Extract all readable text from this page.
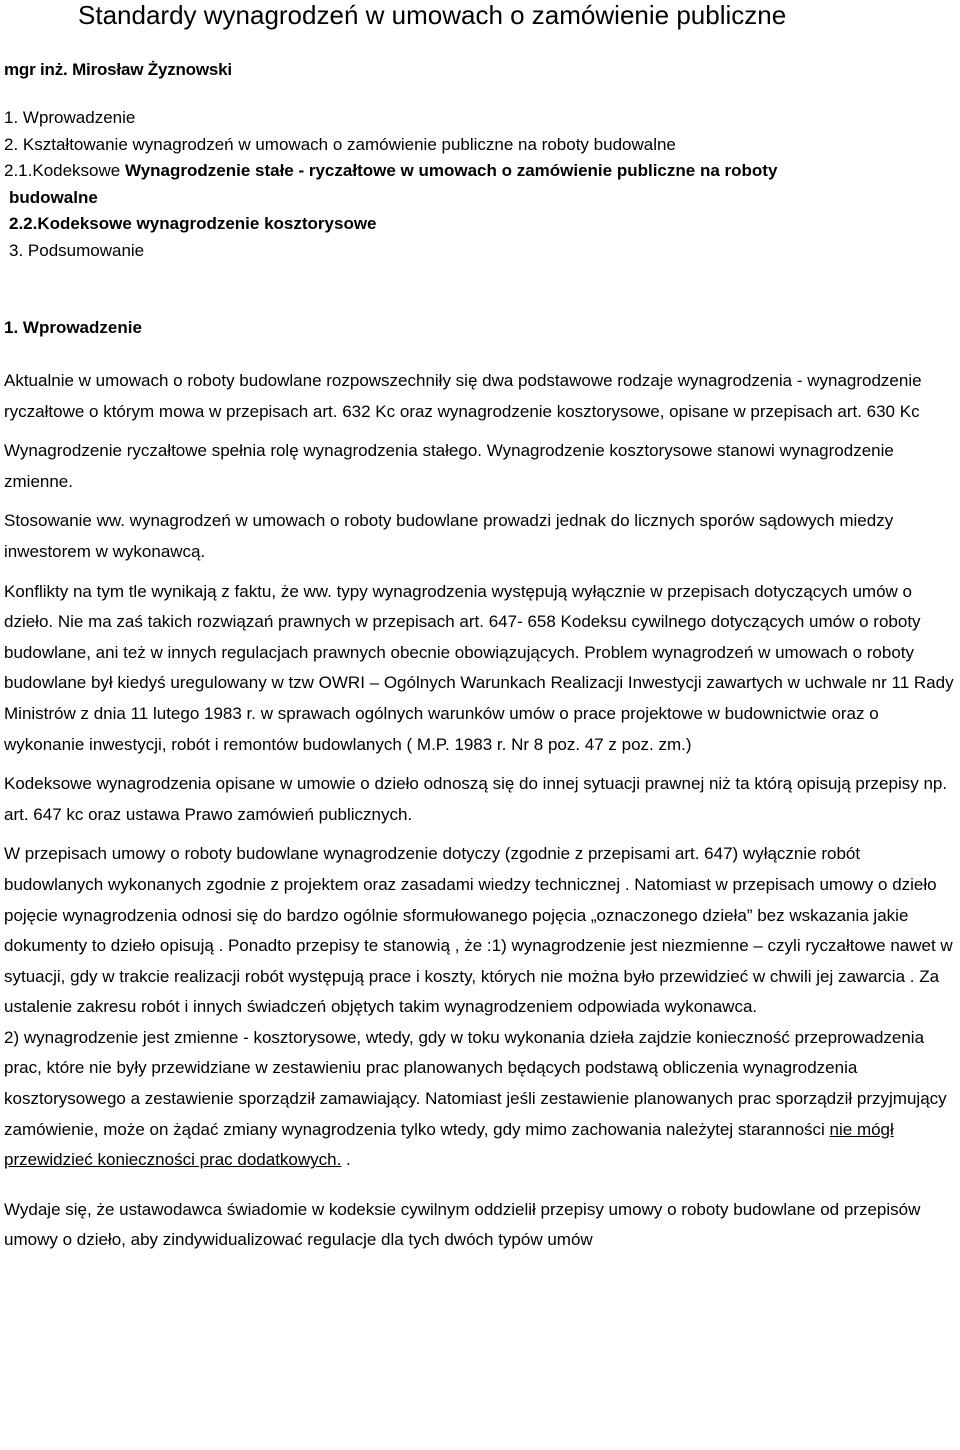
Standardy wynagrodzeń w umowach o zamówienie publiczne
mgr inż. Mirosław Żyznowski
1. Wprowadzenie
2. Kształtowanie wynagrodzeń w umowach o zamówienie publiczne na roboty budowalne
2.1.Kodeksowe Wynagrodzenie stałe - ryczałtowe w umowach o zamówienie publiczne na roboty
budowalne
2.2.Kodeksowe wynagrodzenie kosztorysowe
3. Podsumowanie
1. Wprowadzenie

Aktualnie w umowach o roboty budowlane rozpowszechniły się dwa podstawowe rodzaje wynagrodzenia - wynagrodzenie ryczałtowe o którym mowa w przepisach art. 632 Kc oraz wynagrodzenie kosztorysowe, opisane w przepisach art. 630 Kc

Wynagrodzenie ryczałtowe spełnia rolę wynagrodzenia stałego. Wynagrodzenie kosztorysowe stanowi wynagrodzenie zmienne.

Stosowanie ww. wynagrodzeń w umowach o roboty budowlane prowadzi jednak do licznych sporów sądowych miedzy inwestorem w wykonawcą.

Konflikty na tym tle wynikają z faktu, że ww. typy wynagrodzenia występują wyłącznie w przepisach dotyczących umów o dzieło. Nie ma zaś takich rozwiązań prawnych w przepisach art. 647- 658 Kodeksu cywilnego dotyczących umów o roboty budowlane, ani też w innych regulacjach prawnych obecnie obowiązujących. Problem wynagrodzeń w umowach o roboty budowlane był kiedyś uregulowany w tzw OWRI – Ogólnych Warunkach Realizacji Inwestycji zawartych w uchwale nr 11 Rady Ministrów z dnia 11 lutego 1983 r. w sprawach ogólnych warunków umów o prace projektowe w budownictwie oraz o wykonanie inwestycji, robót i remontów budowlanych ( M.P. 1983 r. Nr 8 poz. 47 z poz. zm.)

Kodeksowe wynagrodzenia opisane w umowie o dzieło odnoszą się do innej sytuacji prawnej niż ta którą opisują przepisy np. art. 647 kc oraz ustawa Prawo zamówień publicznych.

W przepisach umowy o roboty budowlane wynagrodzenie dotyczy (zgodnie z przepisami art. 647) wyłącznie robót budowlanych wykonanych zgodnie z projektem oraz zasadami wiedzy technicznej . Natomiast w przepisach umowy o dzieło pojęcie wynagrodzenia odnosi się do bardzo ogólnie sformułowanego pojęcia „oznaczonego dzieła” bez wskazania jakie dokumenty to dzieło opisują . Ponadto przepisy te stanowią , że :1) wynagrodzenie jest niezmienne – czyli ryczałtowe nawet w sytuacji, gdy w trakcie realizacji robót występują prace i koszty, których nie można było przewidzieć w chwili jej zawarcia . Za ustalenie zakresu robót i innych świadczeń objętych takim wynagrodzeniem odpowiada wykonawca.

2) wynagrodzenie jest zmienne - kosztorysowe, wtedy, gdy w toku wykonania dzieła zajdzie konieczność przeprowadzenia prac, które nie były przewidziane w zestawieniu prac planowanych będących podstawą obliczenia wynagrodzenia kosztorysowego a zestawienie sporządził zamawiający. Natomiast jeśli zestawienie planowanych prac sporządził przyjmujący zamówienie, może on żądać zmiany wynagrodzenia tylko wtedy, gdy mimo zachowania należytej staranności nie mógł przewidzieć konieczności prac dodatkowych. .

Wydaje się, że ustawodawca świadomie w kodeksie cywilnym oddzielił przepisy umowy o roboty budowlane od przepisów umowy o dzieło, aby zindywidualizować regulacje dla tych dwóch typów umów
